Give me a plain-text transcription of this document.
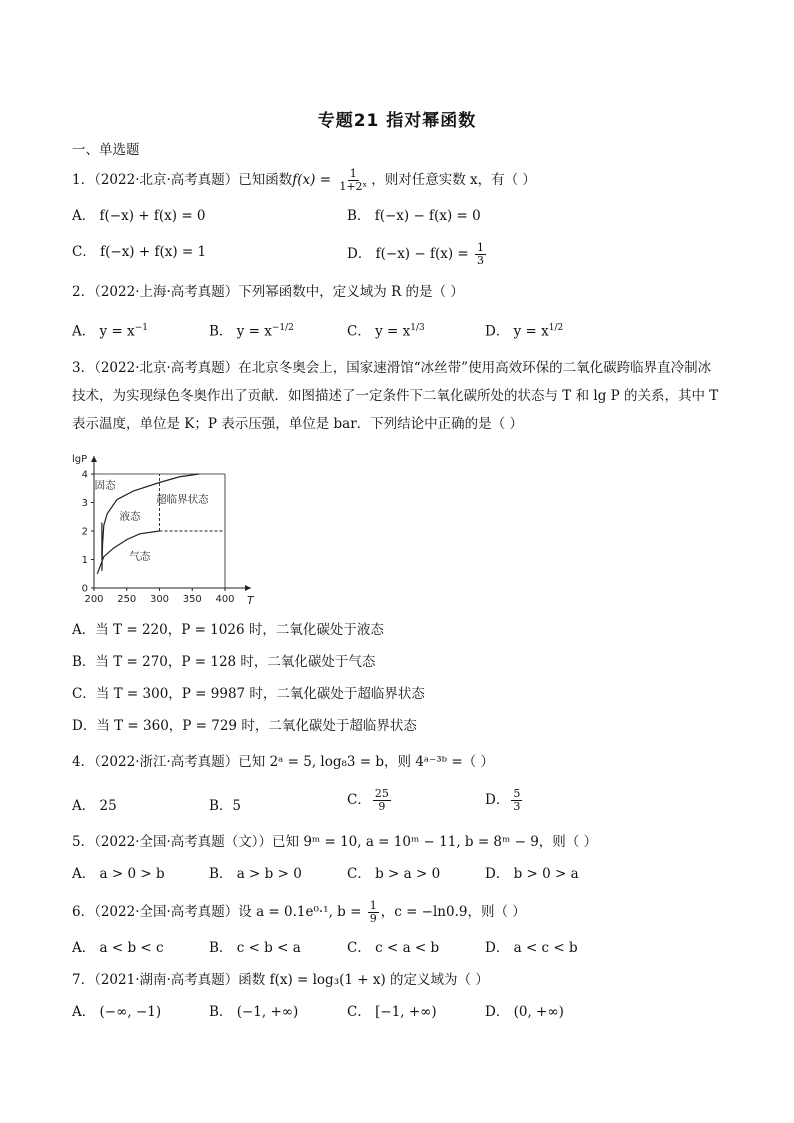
专题21 指对幂函数
一、单选题
1．（2022·北京·高考真题）已知函数$f(x) = \frac{1}{\text{1+2ˣ}}$ ，则对任意实数 x，有（ ）
A． f(−x) + f(x) = 0	B． f(−x) − f(x) = 0
C． f(−x) + f(x) = 1	D． $f(-x) - f(x) = \frac{1}{3}$
2．（2022·上海·高考真题）下列幂函数中，定义域为 R 的是（ ）
A． $y = x^{-1}$	B． $y = x^{-1/2}$	C． $y = x^{1/3}$	D． $y = x^{1/2}$
3．（2022·北京·高考真题）在北京冬奥会上，国家速滑馆“冰丝带”使用高效环保的二氧化碳跨临界直冷制冰
技术，为实现绿色冬奥作出了贡献．如图描述了一定条件下二氧化碳所处的状态与 T 和 lg P 的关系，其中 T
表示温度，单位是 K；P 表示压强，单位是 bar．下列结论中正确的是（ ）
200 250 300 350 400
0
1
2
3
4
lgP
T
固态
液态
超临界状态
气态
A．当 T = 220，P = 1026 时，二氧化碳处于液态
B．当 T = 270，P = 128 时，二氧化碳处于气态
C．当 T = 300，P = 9987 时，二氧化碳处于超临界状态
D．当 T = 360，P = 729 时，二氧化碳处于超临界状态
4．（2022·浙江·高考真题）已知 2ᵃ = 5, log₈3 = b，则 4ᵃ⁻³ᵇ =（ ）
A． 25	B．5	C． $\frac{25}{9}$	D． $\frac{5}{3}$
5．（2022·全国·高考真题（文））已知 9ᵐ = 10, a = 10ᵐ − 11, b = 8ᵐ − 9，则（ ）
A． a > 0 > b	B． a > b > 0	C． b > a > 0	D． b > 0 > a
6．（2022·全国·高考真题）设 a = 0.1e⁰·¹, $b = \frac{1}{9}$ ，c = −ln0.9，则（ ）
A． a < b < c	B． c < b < a	C． c < a < b	D． a < c < b
7．（2021·湖南·高考真题）函数 f(x) = log₃(1 + x) 的定义域为（ ）
A． (−∞, −1)	B． (−1, +∞)	C． [−1, +∞)	D． (0, +∞)
